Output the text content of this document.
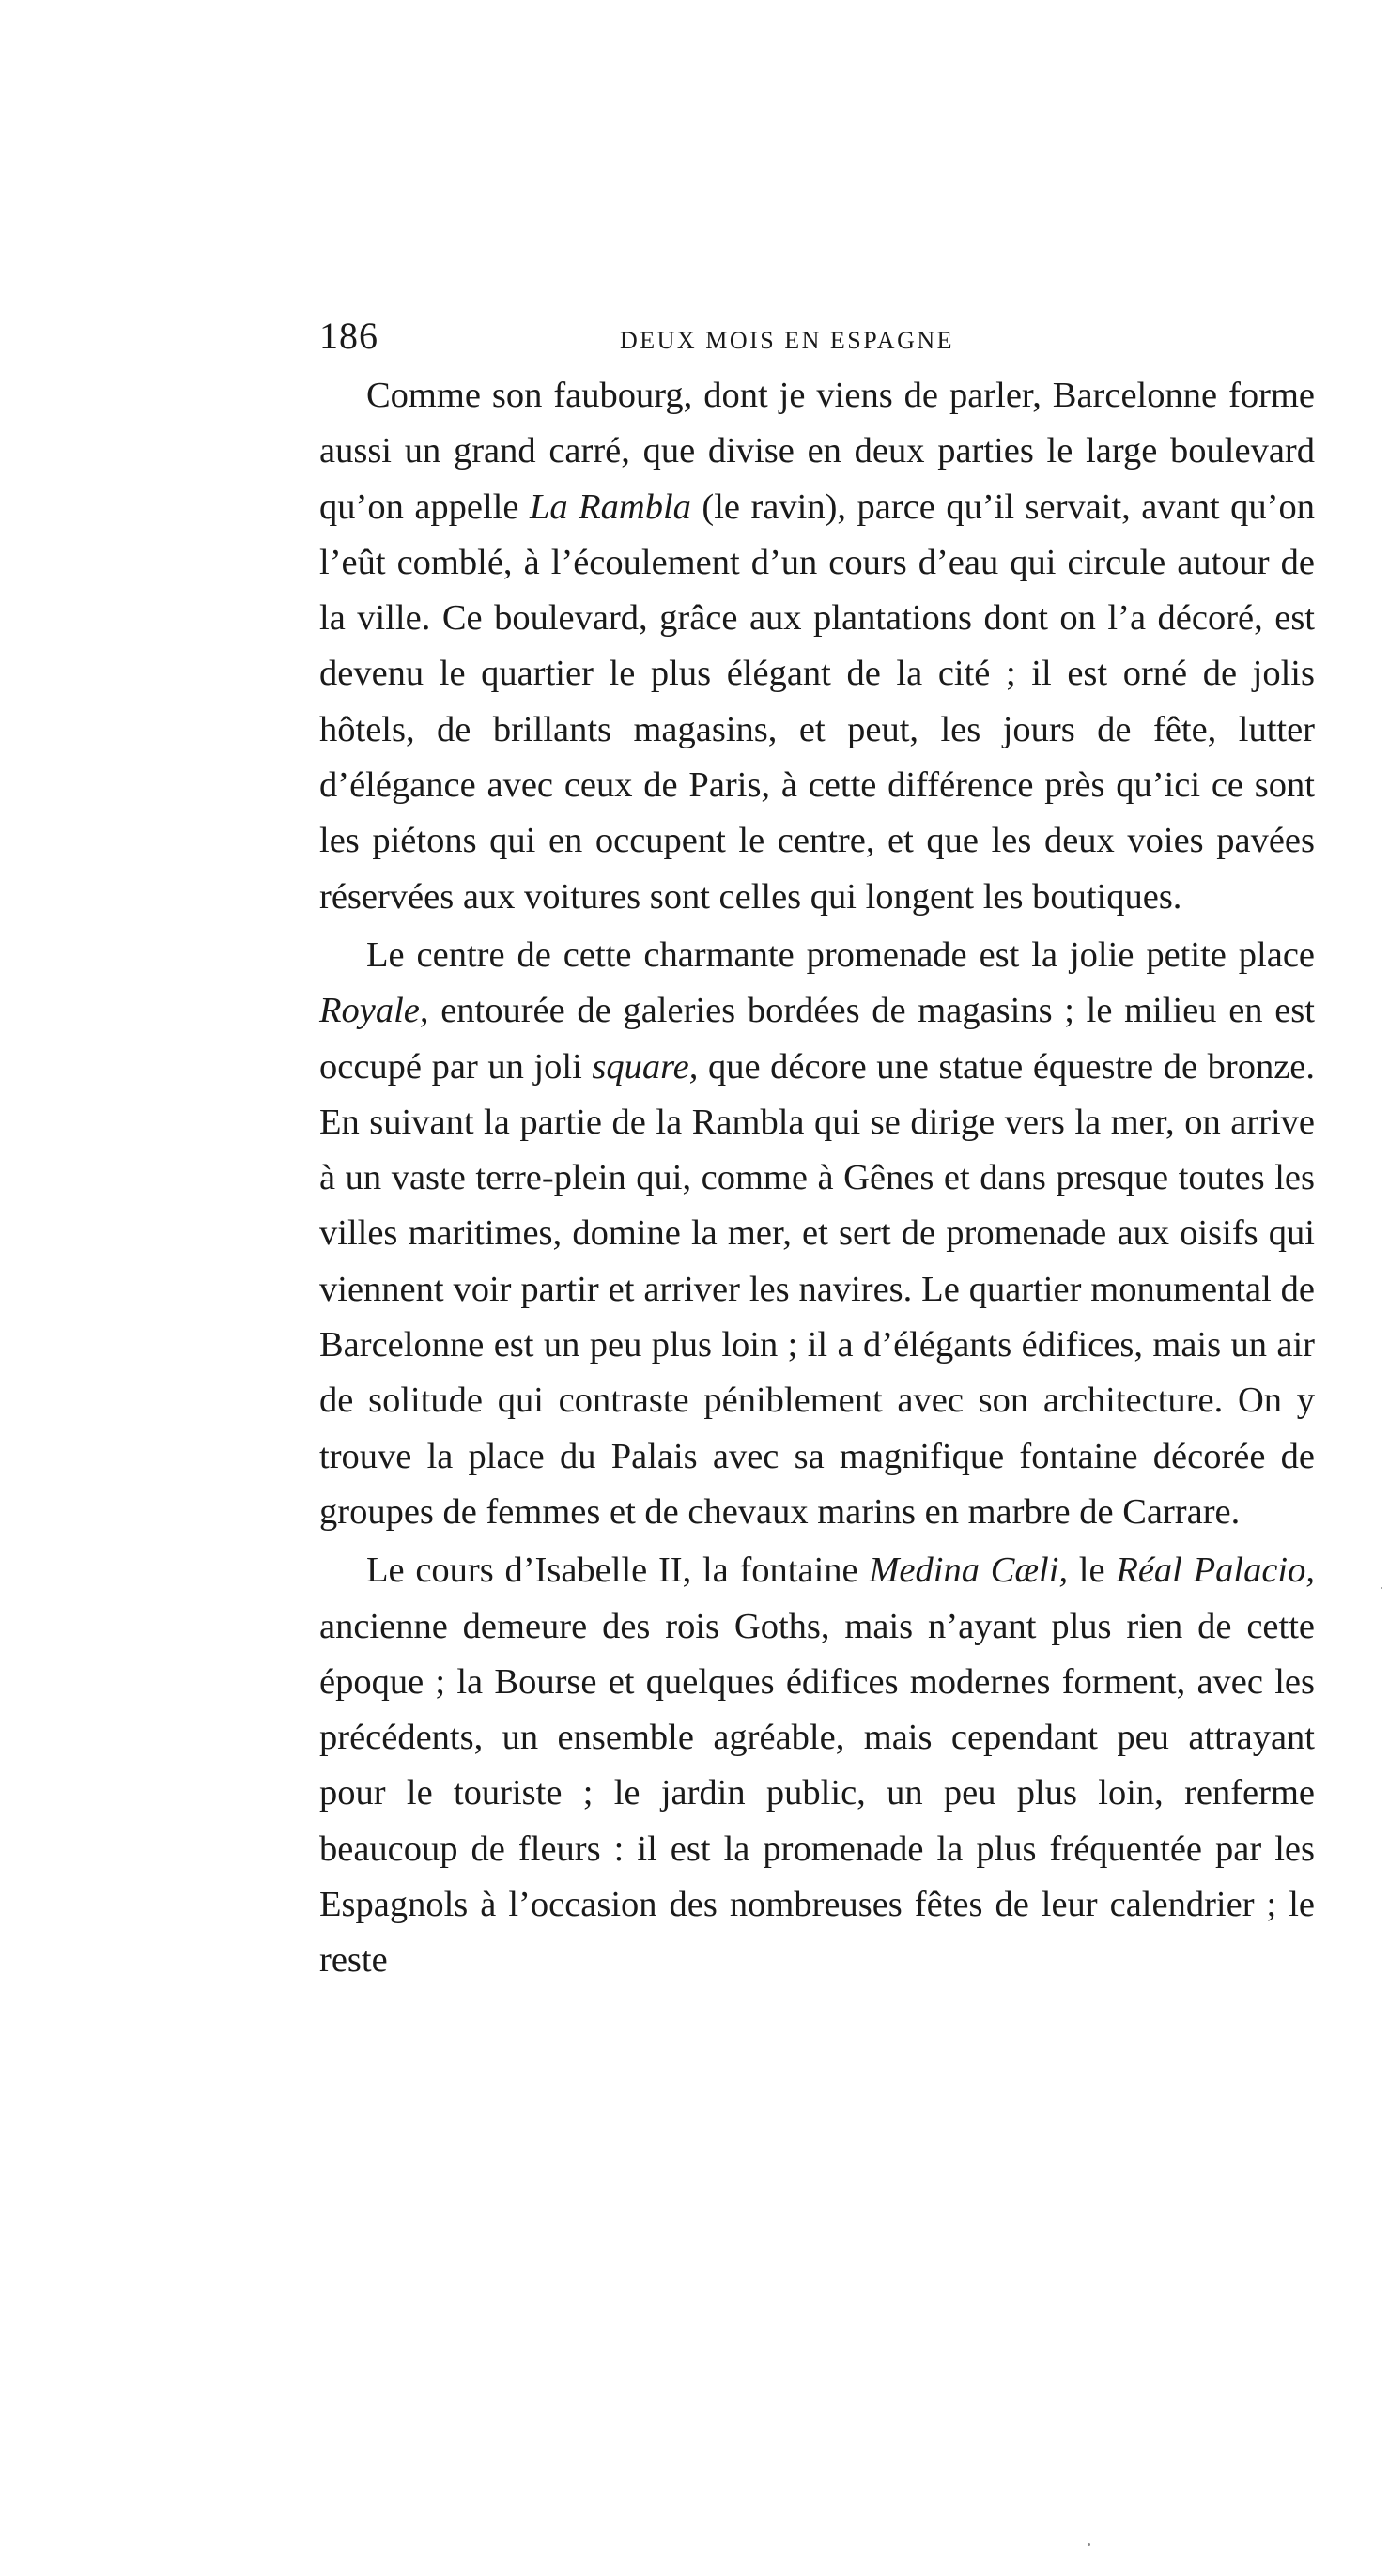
186	DEUX MOIS EN ESPAGNE

Comme son faubourg, dont je viens de parler, Barcelonne forme aussi un grand carré, que divise en deux parties le large boulevard qu’on appelle La Rambla (le ravin), parce qu’il servait, avant qu’on l’eût comblé, à l’écoulement d’un cours d’eau qui circule autour de la ville. Ce boulevard, grâce aux plantations dont on l’a décoré, est devenu le quartier le plus élégant de la cité ; il est orné de jolis hôtels, de brillants magasins, et peut, les jours de fête, lutter d’élégance avec ceux de Paris, à cette différence près qu’ici ce sont les piétons qui en occupent le centre, et que les deux voies pavées réservées aux voitures sont celles qui longent les boutiques.

Le centre de cette charmante promenade est la jolie petite place Royale, entourée de galeries bordées de magasins ; le milieu en est occupé par un joli square, que décore une statue équestre de bronze. En suivant la partie de la Rambla qui se dirige vers la mer, on arrive à un vaste terre-plein qui, comme à Gênes et dans presque toutes les villes maritimes, domine la mer, et sert de promenade aux oisifs qui viennent voir partir et arriver les navires. Le quartier monumental de Barcelonne est un peu plus loin ; il a d’élégants édifices, mais un air de solitude qui contraste péniblement avec son architecture. On y trouve la place du Palais avec sa magnifique fontaine décorée de groupes de femmes et de chevaux marins en marbre de Carrare.

Le cours d’Isabelle II, la fontaine Medina Cæli, le Réal Palacio, ancienne demeure des rois Goths, mais n’ayant plus rien de cette époque ; la Bourse et quelques édifices modernes forment, avec les précédents, un ensemble agréable, mais cependant peu attrayant pour le touriste ; le jardin public, un peu plus loin, renferme beaucoup de fleurs : il est la promenade la plus fréquentée par les Espagnols à l’occasion des nombreuses fêtes de leur calendrier ; le reste
